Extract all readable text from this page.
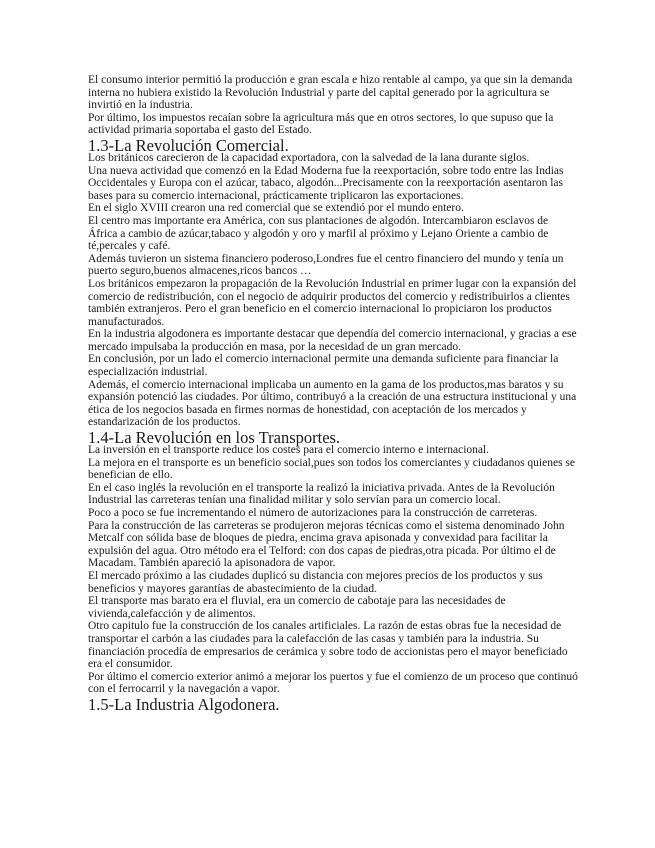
El consumo interior permitió la producción e gran escala e hizo rentable al campo, ya que sin la demanda interna no hubiera existido la Revolución Industrial y parte del capital generado por la agricultura se invirtió en la industria.

Por último, los impuestos recaían sobre la agricultura más que en otros sectores, lo que supuso que la actividad primaria soportaba el gasto del Estado.

1.3-La Revolución Comercial.

Los británicos carecieron de la capacidad exportadora, con la salvedad de la lana durante siglos.

Una nueva actividad que comenzó en la Edad Moderna fue la reexportación, sobre todo entre las Indias Occidentales y Europa con el azúcar, tabaco, algodón...Precisamente con la reexportación asentaron las bases para su comercio internacional, prácticamente triplicaron las exportaciones.

En el siglo XVIII crearon una red comercial que se extendió por el mundo entero.

El centro mas importante era América, con sus plantaciones de algodón. Intercambiaron esclavos de África a cambio de azúcar,tabaco y algodón y oro y marfil al próximo y Lejano Oriente a cambio de té,percales y café.

Además tuvieron un sistema financiero poderoso,Londres fue el centro financiero del mundo y tenía un puerto seguro,buenos almacenes,ricos bancos …

Los británicos empezaron la propagación de la Revolución Industrial en primer lugar con la expansión del comercio de redistribución, con el negocio de adquirir productos del comercio y redistribuirlos a clientes también extranjeros. Pero el gran beneficio en el comercio internacional lo propiciaron los productos manufacturados.

En la industria algodonera es importante destacar que dependía del comercio internacional, y gracias a ese mercado impulsaba la producción en masa, por la necesidad de un gran mercado.

En conclusión, por un lado el comercio internacional permite una demanda suficiente para financiar la especialización industrial.

Además, el comercio internacional implicaba un aumento en la gama de los productos,mas baratos y su expansión potenció las ciudades. Por último, contribuyó a la creación de una estructura institucional y una ética de los negocios basada en firmes normas de honestidad, con aceptación de los mercados y estandarización de los productos.

1.4-La Revolución en los Transportes.

La inversión en el transporte reduce los costes para el comercio interno e internacional.

La mejora en el transporte es un beneficio social,pues son todos los comerciantes y ciudadanos quienes se benefician de ello.

En el caso inglés la revolución en el transporte la realizó la iniciativa privada. Antes de la Revolución Industrial las carreteras tenían una finalidad militar y solo servían para un comercio local.

Poco a poco se fue incrementando el número de autorizaciones para la construcción de carreteras.

Para la construcción de las carreteras se produjeron mejoras técnicas como el sistema denominado John Metcalf con sólida base de bloques de piedra, encima grava apisonada y convexidad para facilitar la expulsión del agua. Otro método era el Telford: con dos capas de piedras,otra picada. Por último el de Macadam. También apareció la apisonadora de vapor.

El mercado próximo a las ciudades duplicó su distancia con mejores precios de los productos y sus beneficios y mayores garantías de abastecimiento de la ciudad.

El transporte mas barato era el fluvial, era un comercio de cabotaje para las necesidades de vivienda,calefacción y de alimentos.

Otro capitulo fue la construcción de los canales artificiales. La razón de estas obras fue la necesidad de transportar el carbón a las ciudades para la calefacción de las casas y también para la industria. Su financiación procedía de empresarios de cerámica y sobre todo de accionistas pero el mayor beneficiado era el consumidor.

Por último el comercio exterior animó a mejorar los puertos y fue el comienzo de un proceso que continuó con el ferrocarril y la navegación a vapor.

1.5-La Industria Algodonera.
